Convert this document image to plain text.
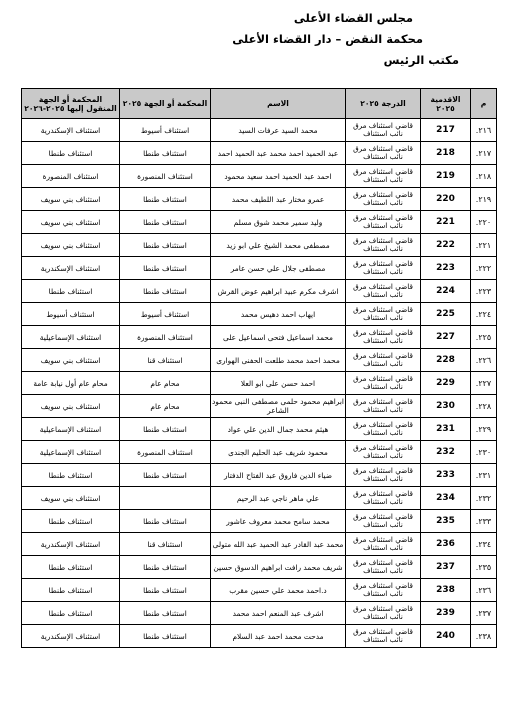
مجلس القضاء الأعلى
محكمة النقض – دار القضاء الأعلى
مكتب الرئيس
م	الاقدمية ٢٠٢٥	الدرجة ٢٠٢٥	الاسم	المحكمة أو الجهة ٢٠٢٥	المحكمة أو الجهة المنقول إليها ٢٠٢٥-٢٠٢٦
٢١٦.	217	قاضي استئناف مرق نائب استئناف	محمد السيد عرفات السيد	استئناف أسيوط	استئناف الإسكندرية
٢١٧.	218	قاضي استئناف مرق نائب استئناف	عبد الحميد احمد محمد عبد الحميد احمد	استئناف طنطا	استئناف طنطا
٢١٨.	219	قاضي استئناف مرق نائب استئناف	احمد عبد الحميد احمد سعيد محمود	استئناف المنصورة	استئناف المنصورة
٢١٩.	220	قاضي استئناف مرق نائب استئناف	عمرو مختار عبد اللطيف محمد	استئناف طنطا	استئناف بني سويف
٢٢٠.	221	قاضي استئناف مرق نائب استئناف	وليد سمير محمد شوق مسلم	استئناف طنطا	استئناف بني سويف
٢٢١.	222	قاضي استئناف مرق نائب استئناف	مصطفى محمد الشيخ علي ابو زيد	استئناف طنطا	استئناف بني سويف
٢٢٢.	223	قاضي استئناف مرق نائب استئناف	مصطفى جلال علي حسن عامر	استئناف طنطا	استئناف الإسكندرية
٢٢٣.	224	قاضي استئناف مرق نائب استئناف	اشرف مكرم عبيد ابراهيم عوض القرش	استئناف طنطا	استئناف طنطا
٢٢٤.	225	قاضي استئناف مرق نائب استئناف	ايهاب احمد دهيس محمد	استئناف أسيوط	استئناف أسيوط
٢٢٥.	227	قاضي استئناف مرق نائب استئناف	محمد اسماعيل فتحى اسماعيل على	استئناف المنصورة	استئناف الإسماعيلية
٢٢٦.	228	قاضي استئناف مرق نائب استئناف	محمد احمد محمد طلعت الحفنى الهوارى	استئناف قنا	استئناف بني سويف
٢٢٧.	229	قاضي استئناف مرق نائب استئناف	احمد حسن على ابو العلا	محام عام	محام عام أول نيابة عامة
٢٢٨.	230	قاضي استئناف مرق نائب استئناف	ابراهيم محمود حلمى مصطفى النبى محمود الشاعر	محام عام	استئناف بني سويف
٢٢٩.	231	قاضي استئناف مرق نائب استئناف	هيثم محمد جمال الدين علي عواد	استئناف طنطا	استئناف الإسماعيلية
٢٣٠.	232	قاضي استئناف مرق نائب استئناف	محمود شريف عبد الحليم الجندى	استئناف المنصورة	استئناف الإسماعيلية
٢٣١.	233	قاضي استئناف مرق نائب استئناف	ضياء الدين فاروق عبد الفتاح الدفتار	استئناف طنطا	استئناف طنطا
٢٣٢.	234	قاضي استئناف مرق نائب استئناف	علي ماهر ناجي عبد الرحيم		استئناف بني سويف
٢٣٣.	235	قاضي استئناف مرق نائب استئناف	محمد سامح محمد معروف عاشور	استئناف طنطا	استئناف طنطا
٢٣٤.	236	قاضي استئناف مرق نائب استئناف	محمد عبد القادر عبد الحميد عبد الله متولى	استئناف قنا	استئناف الإسكندرية
٢٣٥.	237	قاضي استئناف مرق نائب استئناف	شريف محمد رافت ابراهيم الدسوق حسين	استئناف طنطا	استئناف طنطا
٢٣٦.	238	قاضي استئناف مرق نائب استئناف	د.احمد محمد علي حسين مقرب	استئناف طنطا	استئناف طنطا
٢٣٧.	239	قاضي استئناف مرق نائب استئناف	اشرف عبد المنعم احمد محمد	استئناف طنطا	استئناف طنطا
٢٣٨.	240	قاضي استئناف مرق نائب استئناف	مدحت محمد احمد عبد السلام	استئناف طنطا	استئناف الإسكندرية
